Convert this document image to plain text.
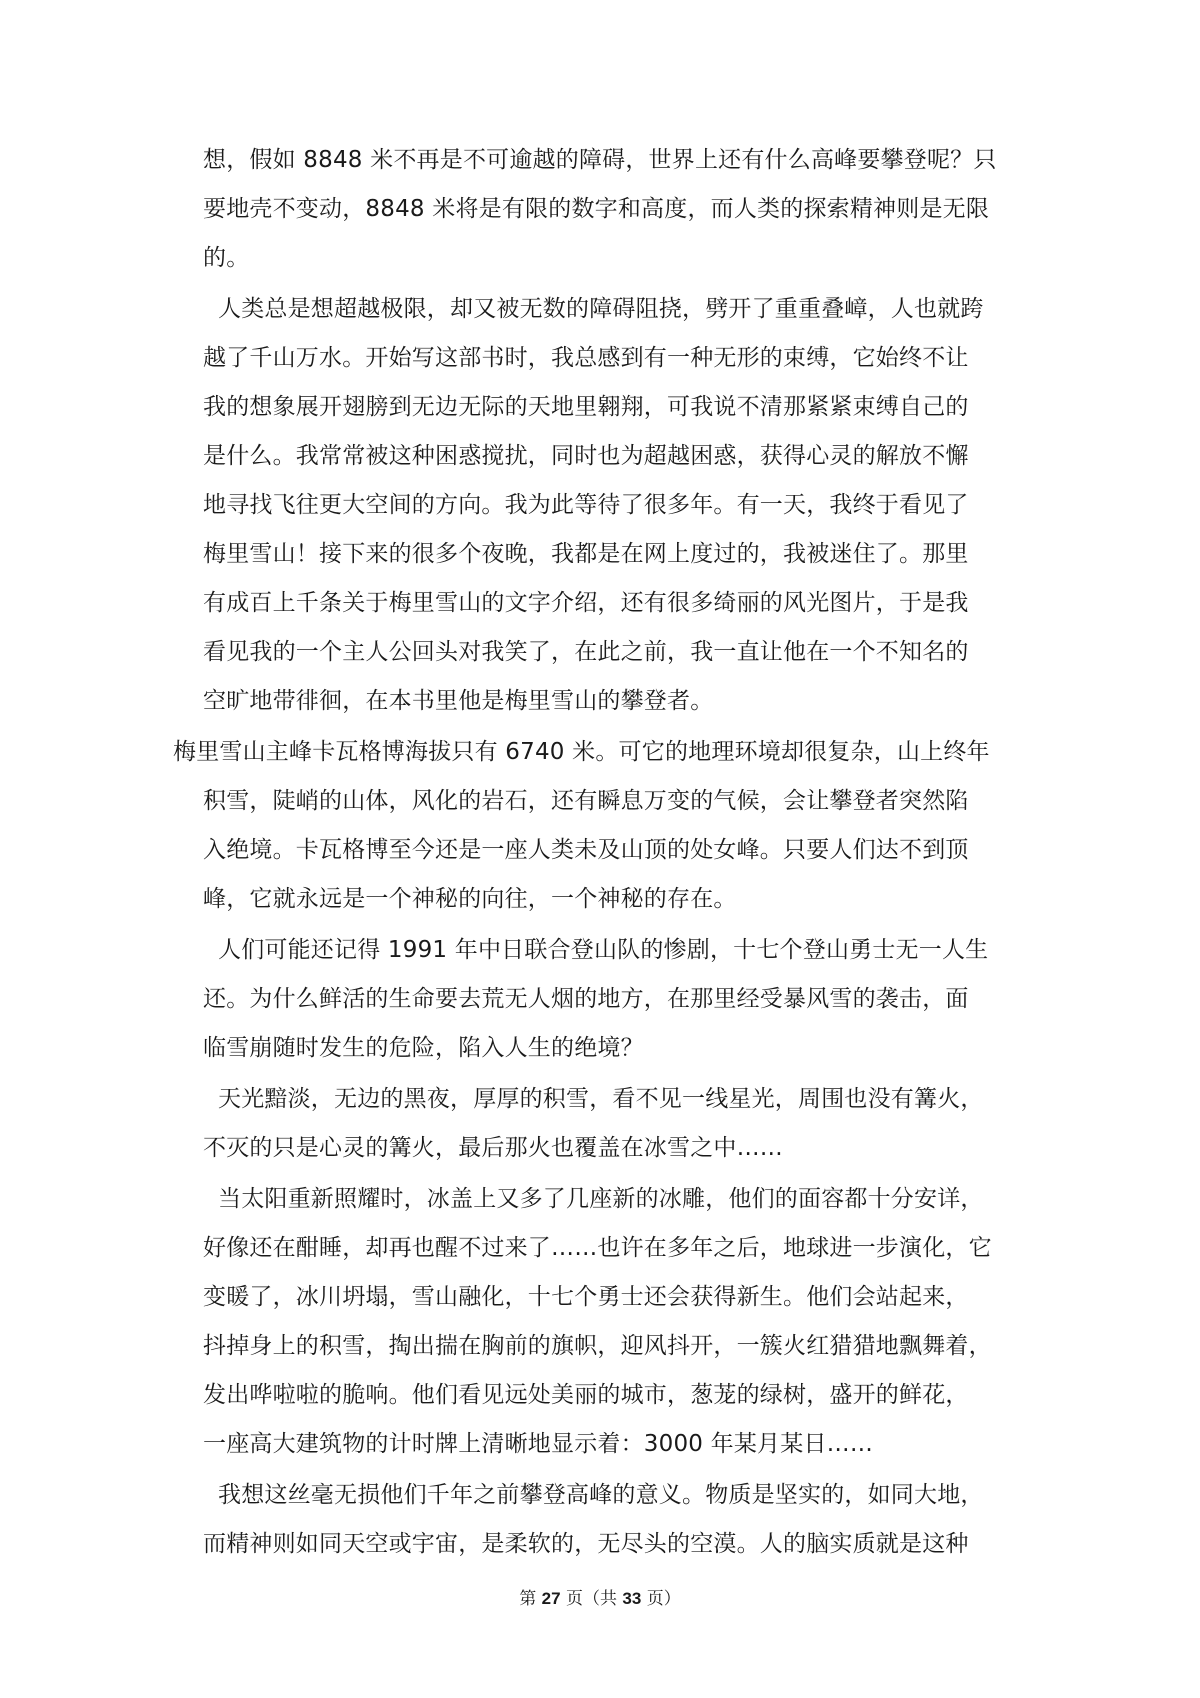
想，假如 8848 米不再是不可逾越的障碍，世界上还有什么高峰要攀登呢？只
要地壳不变动，8848 米将是有限的数字和高度，而人类的探索精神则是无限
的。
人类总是想超越极限，却又被无数的障碍阻挠，劈开了重重叠嶂，人也就跨
越了千山万水。开始写这部书时，我总感到有一种无形的束缚，它始终不让
我的想象展开翅膀到无边无际的天地里翱翔，可我说不清那紧紧束缚自己的
是什么。我常常被这种困惑搅扰，同时也为超越困惑，获得心灵的解放不懈
地寻找飞往更大空间的方向。我为此等待了很多年。有一天，我终于看见了
梅里雪山！接下来的很多个夜晚，我都是在网上度过的，我被迷住了。那里
有成百上千条关于梅里雪山的文字介绍，还有很多绮丽的风光图片，于是我
看见我的一个主人公回头对我笑了，在此之前，我一直让他在一个不知名的
空旷地带徘徊，在本书里他是梅里雪山的攀登者。
梅里雪山主峰卡瓦格博海拔只有 6740 米。可它的地理环境却很复杂，山上终年
积雪，陡峭的山体，风化的岩石，还有瞬息万变的气候，会让攀登者突然陷
入绝境。卡瓦格博至今还是一座人类未及山顶的处女峰。只要人们达不到顶
峰，它就永远是一个神秘的向往，一个神秘的存在。
人们可能还记得 1991 年中日联合登山队的惨剧，十七个登山勇士无一人生
还。为什么鲜活的生命要去荒无人烟的地方，在那里经受暴风雪的袭击，面
临雪崩随时发生的危险，陷入人生的绝境？
天光黯淡，无边的黑夜，厚厚的积雪，看不见一线星光，周围也没有篝火，
不灭的只是心灵的篝火，最后那火也覆盖在冰雪之中……
当太阳重新照耀时，冰盖上又多了几座新的冰雕，他们的面容都十分安详，
好像还在酣睡，却再也醒不过来了……也许在多年之后，地球进一步演化，它
变暖了，冰川坍塌，雪山融化，十七个勇士还会获得新生。他们会站起来，
抖掉身上的积雪，掏出揣在胸前的旗帜，迎风抖开，一簇火红猎猎地飘舞着，
发出哗啦啦的脆响。他们看见远处美丽的城市，葱茏的绿树，盛开的鲜花，
一座高大建筑物的计时牌上清晰地显示着：3000 年某月某日……
我想这丝毫无损他们千年之前攀登高峰的意义。物质是坚实的，如同大地，
而精神则如同天空或宇宙，是柔软的，无尽头的空漠。人的脑实质就是这种
第 27 页（共 33 页）
